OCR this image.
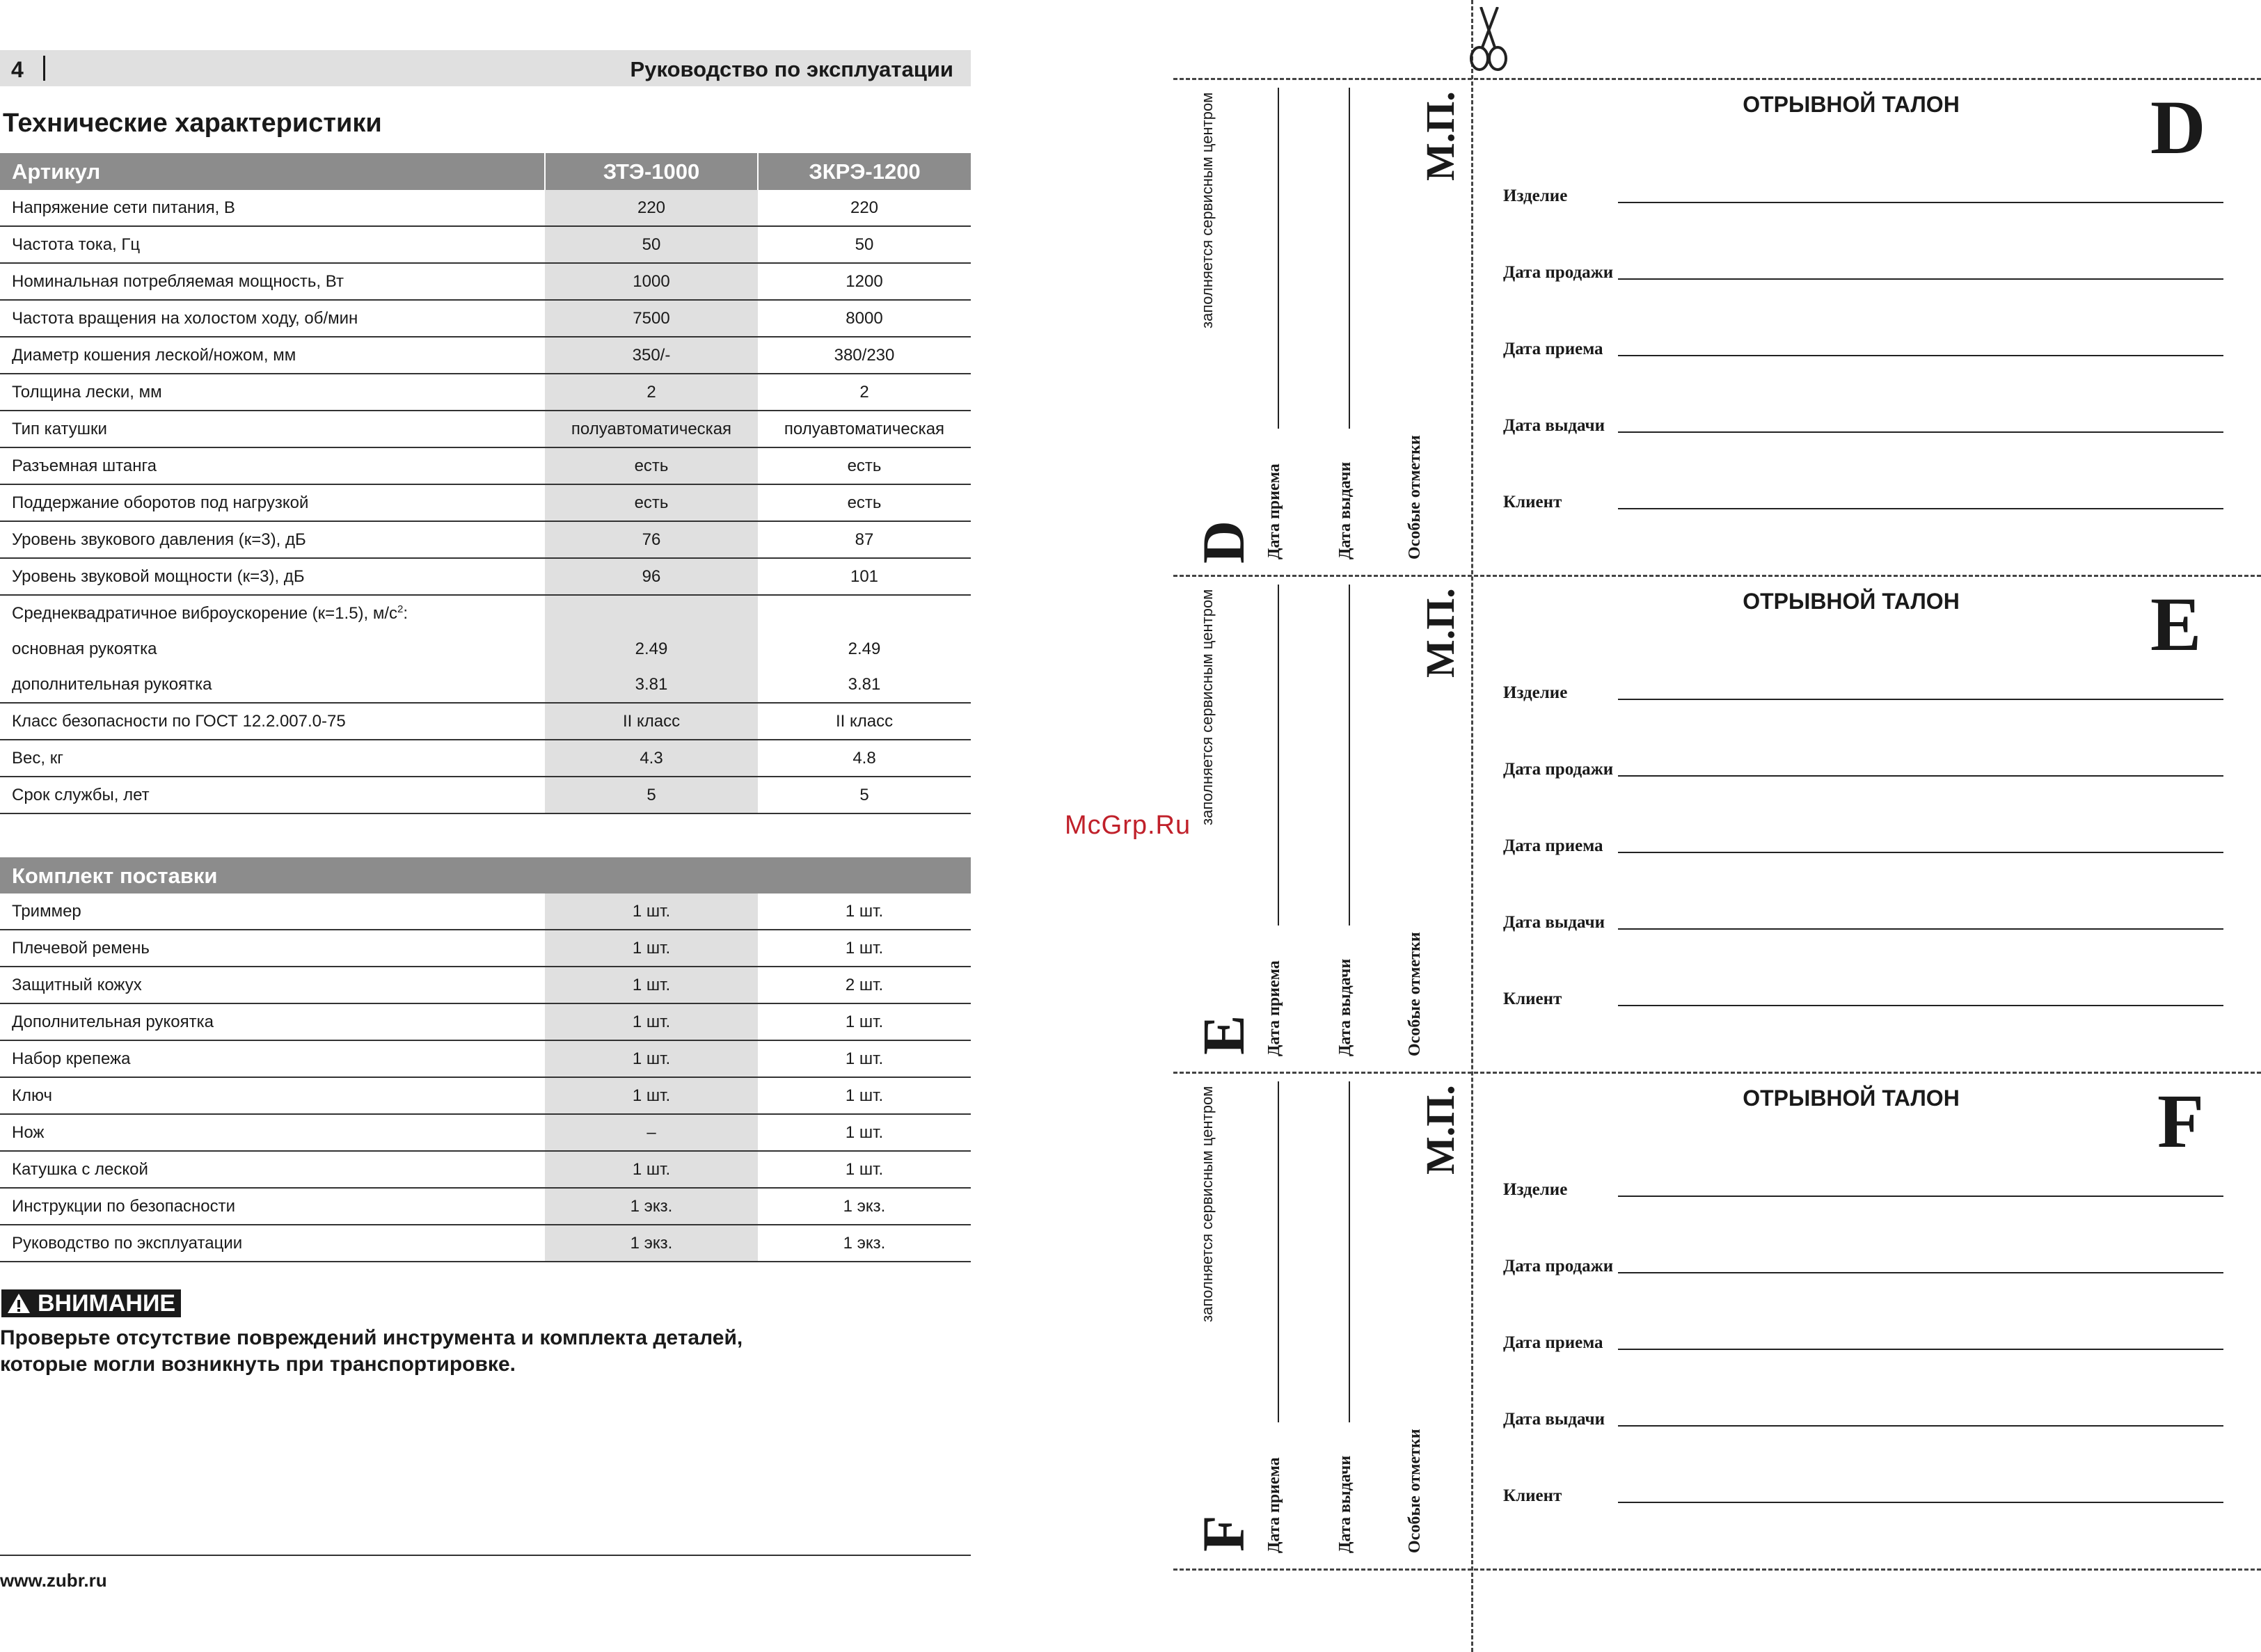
4	Руководство по эксплуатации
Технические характеристики
Артикул	ЗТЭ-1000	ЗКРЭ-1200
Напряжение сети питания, В	220	220
Частота тока, Гц	50	50
Номинальная потребляемая мощность, Вт	1000	1200
Частота вращения на холостом ходу, об/мин	7500	8000
Диаметр кошения леской/ножом, мм	350/-	380/230
Толщина лески, мм	2	2
Тип катушки	полуавтоматическая	полуавтоматическая
Разъемная штанга	есть	есть
Поддержание оборотов под нагрузкой	есть	есть
Уровень звукового давления (к=3), дБ	76	87
Уровень звуковой мощности (к=3), дБ	96	101
Среднеквадратичное виброускорение (к=1.5), $м/с^2$:		
основная рукоятка	2.49	2.49
дополнительная рукоятка	3.81	3.81
Класс безопасности по ГОСТ 12.2.007.0-75	II класс	II класс
Вес, кг	4.3	4.8
Срок службы, лет	5	5
Комплект поставки
Триммер	1 шт.	1 шт.
Плечевой ремень	1 шт.	1 шт.
Защитный кожух	1 шт.	2 шт.
Дополнительная рукоятка	1 шт.	1 шт.
Набор крепежа	1 шт.	1 шт.
Ключ	1 шт.	1 шт.
Нож	–	1 шт.
Катушка с леской	1 шт.	1 шт.
Инструкции по безопасности	1 экз.	1 экз.
Руководство по эксплуатации	1 экз.	1 экз.
ВНИМАНИЕ
Проверьте отсутствие повреждений инструмента и комплекта деталей,
которые могли возникнуть при транспортировке.
www.zubr.ru
заполняется сервисным центром
D Дата приема	Дата выдачи
М.П.
Особые отметки
ОТРЫВНОЙ ТАЛОН	D
Изделие
Дата продажи
Дата приема
Дата выдачи
Клиент
заполняется сервисным центром
E Дата приема	Дата выдачи
М.П.
Особые отметки
ОТРЫВНОЙ ТАЛОН	E
Изделие
Дата продажи
Дата приема
Дата выдачи
Клиент
заполняется сервисным центром
F Дата приема	Дата выдачи
М.П.
Особые отметки
ОТРЫВНОЙ ТАЛОН	F
Изделие
Дата продажи
Дата приема
Дата выдачи
Клиент
McGrp.Ru
